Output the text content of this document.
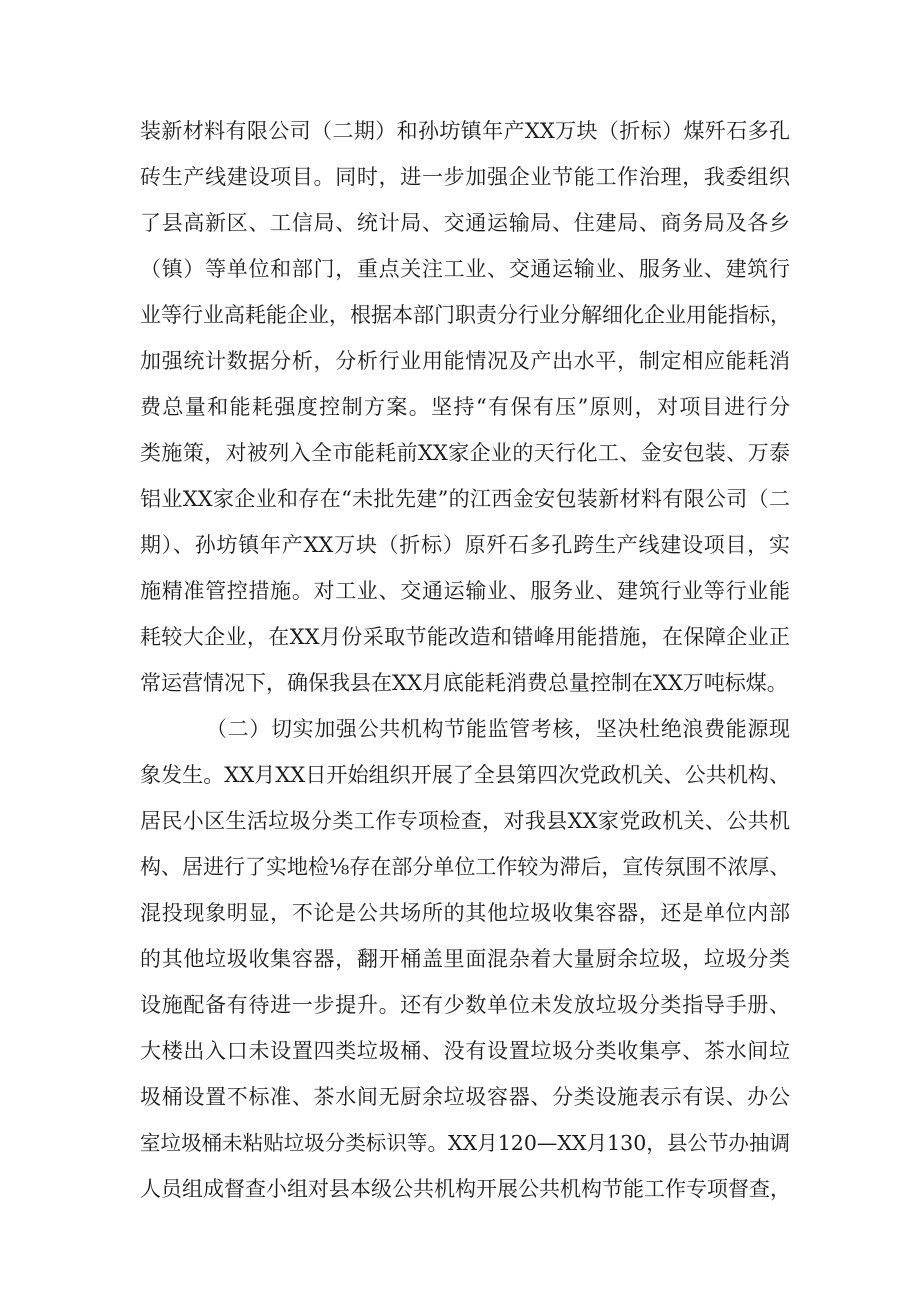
装新材料有限公司（二期）和孙坊镇年产XX万块（折标）煤歼石多孔
砖生产线建设项目。同时，进一步加强企业节能工作治理，我委组织
了县高新区、工信局、统计局、交通运输局、住建局、商务局及各乡
（镇）等单位和部门，重点关注工业、交通运输业、服务业、建筑行
业等行业高耗能企业，根据本部门职责分行业分解细化企业用能指标，
加强统计数据分析，分析行业用能情况及产出水平，制定相应能耗消
费总量和能耗强度控制方案。坚持“有保有压”原则，对项目进行分
类施策，对被列入全市能耗前XX家企业的天行化工、金安包装、万泰
铝业XX家企业和存在“未批先建”的江西金安包装新材料有限公司（二
期）、孙坊镇年产XX万块（折标）原歼石多孔跨生产线建设项目，实
施精准管控措施。对工业、交通运输业、服务业、建筑行业等行业能
耗较大企业，在XX月份采取节能改造和错峰用能措施，在保障企业正
常运营情况下，确保我县在XX月底能耗消费总量控制在XX万吨标煤。
（二）切实加强公共机构节能监管考核，坚决杜绝浪费能源现
象发生。XX月XX日开始组织开展了全县第四次党政机关、公共机构、
居民小区生活垃圾分类工作专项检查，对我县XX家党政机关、公共机
构、居进行了实地检⅛存在部分单位工作较为滞后，宣传氛围不浓厚、
混投现象明显，不论是公共场所的其他垃圾收集容器，还是单位内部
的其他垃圾收集容器，翻开桶盖里面混杂着大量厨余垃圾，垃圾分类
设施配备有待进一步提升。还有少数单位未发放垃圾分类指导手册、
大楼出入口未设置四类垃圾桶、没有设置垃圾分类收集亭、茶水间垃
圾桶设置不标准、茶水间无厨余垃圾容器、分类设施表示有误、办公
室垃圾桶未粘贴垃圾分类标识等。XX月120—XX月130，县公节办抽调
人员组成督查小组对县本级公共机构开展公共机构节能工作专项督查，
